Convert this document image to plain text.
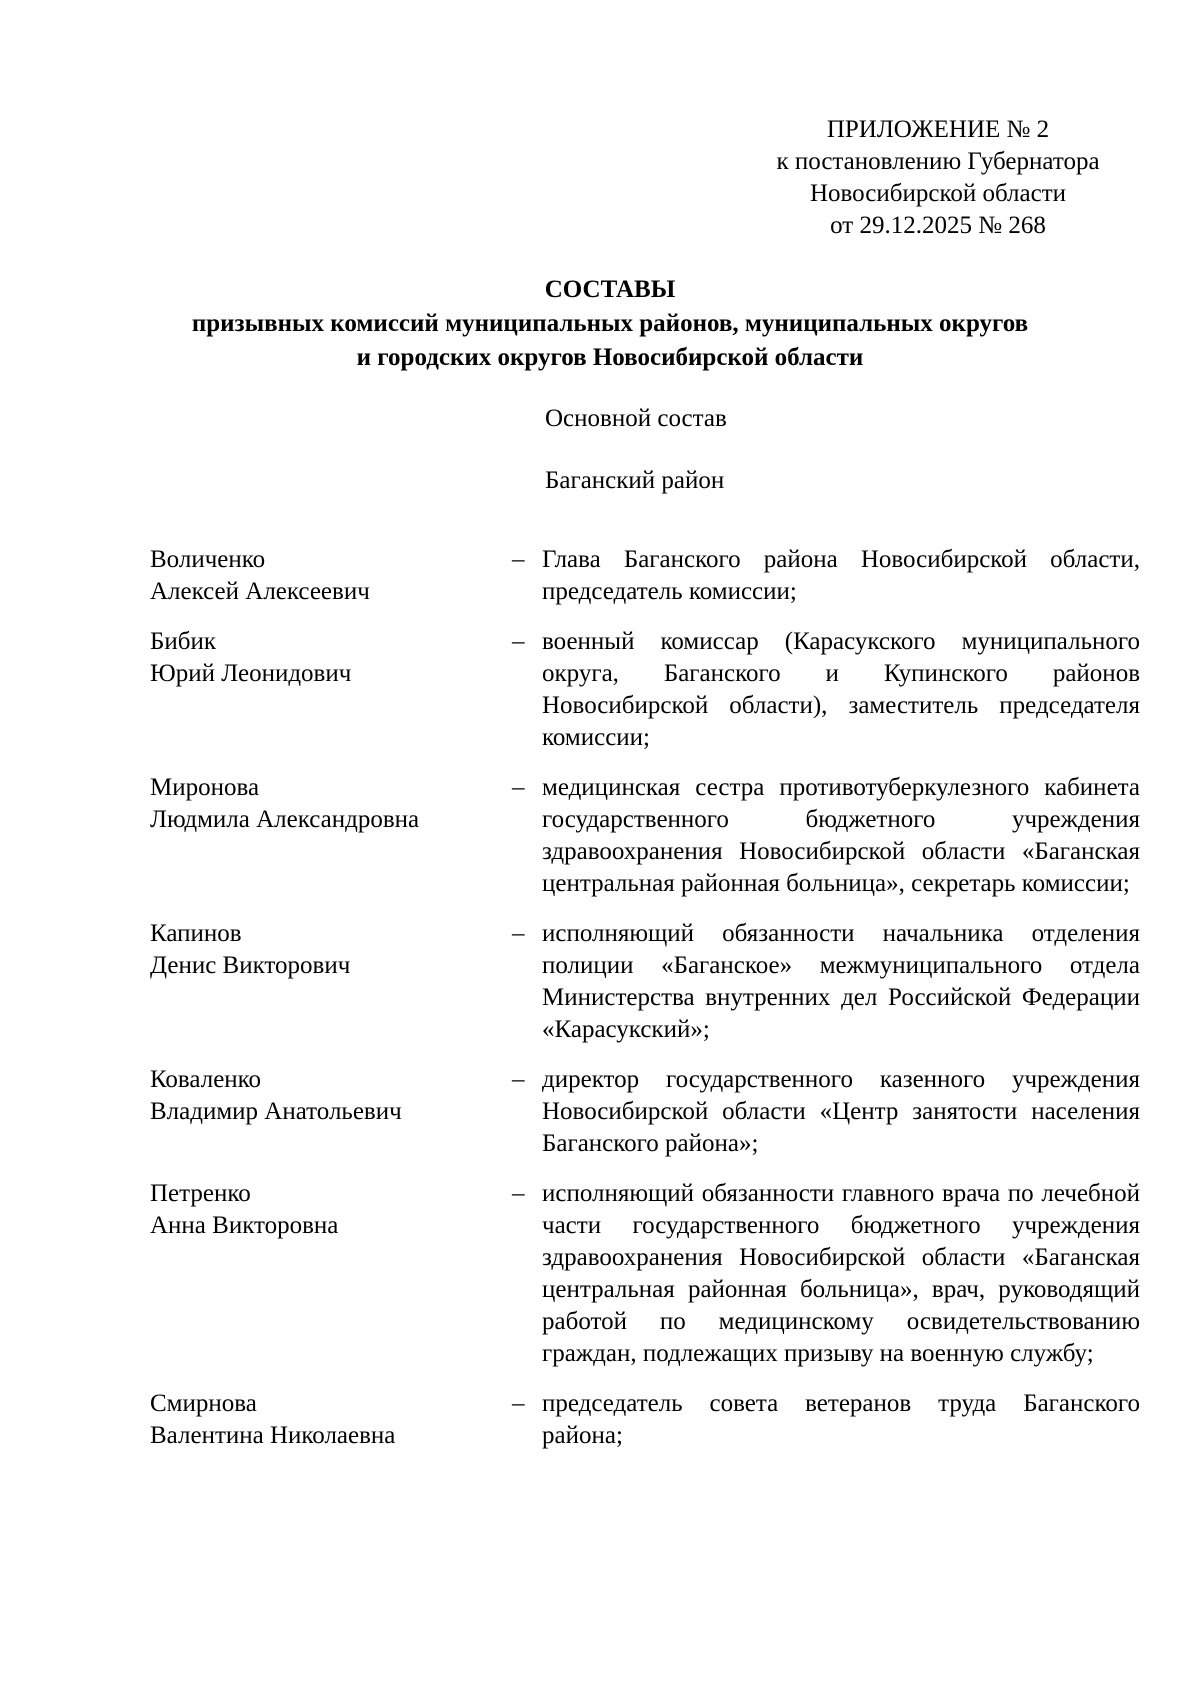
ПРИЛОЖЕНИЕ № 2
к постановлению Губернатора
Новосибирской области
от 29.12.2025 № 268
СОСТАВЫ
призывных комиссий муниципальных районов, муниципальных округов
и городских округов Новосибирской области
Основной состав
Баганский район
Воличенко
Алексей Алексеевич
– Глава Баганского района Новосибирской области, председатель комиссии;
Бибик
Юрий Леонидович
– военный комиссар (Карасукского муниципального округа, Баганского и Купинского районов Новосибирской области), заместитель председателя комиссии;
Миронова
Людмила Александровна
– медицинская сестра противотуберкулезного кабинета государственного бюджетного учреждения здравоохранения Новосибирской области «Баганская центральная районная больница», секретарь комиссии;
Капинов
Денис Викторович
– исполняющий обязанности начальника отделения полиции «Баганское» межмуниципального отдела Министерства внутренних дел Российской Федерации «Карасукский»;
Коваленко
Владимир Анатольевич
– директор государственного казенного учреждения Новосибирской области «Центр занятости населения Баганского района»;
Петренко
Анна Викторовна
– исполняющий обязанности главного врача по лечебной части государственного бюджетного учреждения здравоохранения Новосибирской области «Баганская центральная районная больница», врач, руководящий работой по медицинскому освидетельствованию граждан, подлежащих призыву на военную службу;
Смирнова
Валентина Николаевна
– председатель совета ветеранов труда Баганского района;
